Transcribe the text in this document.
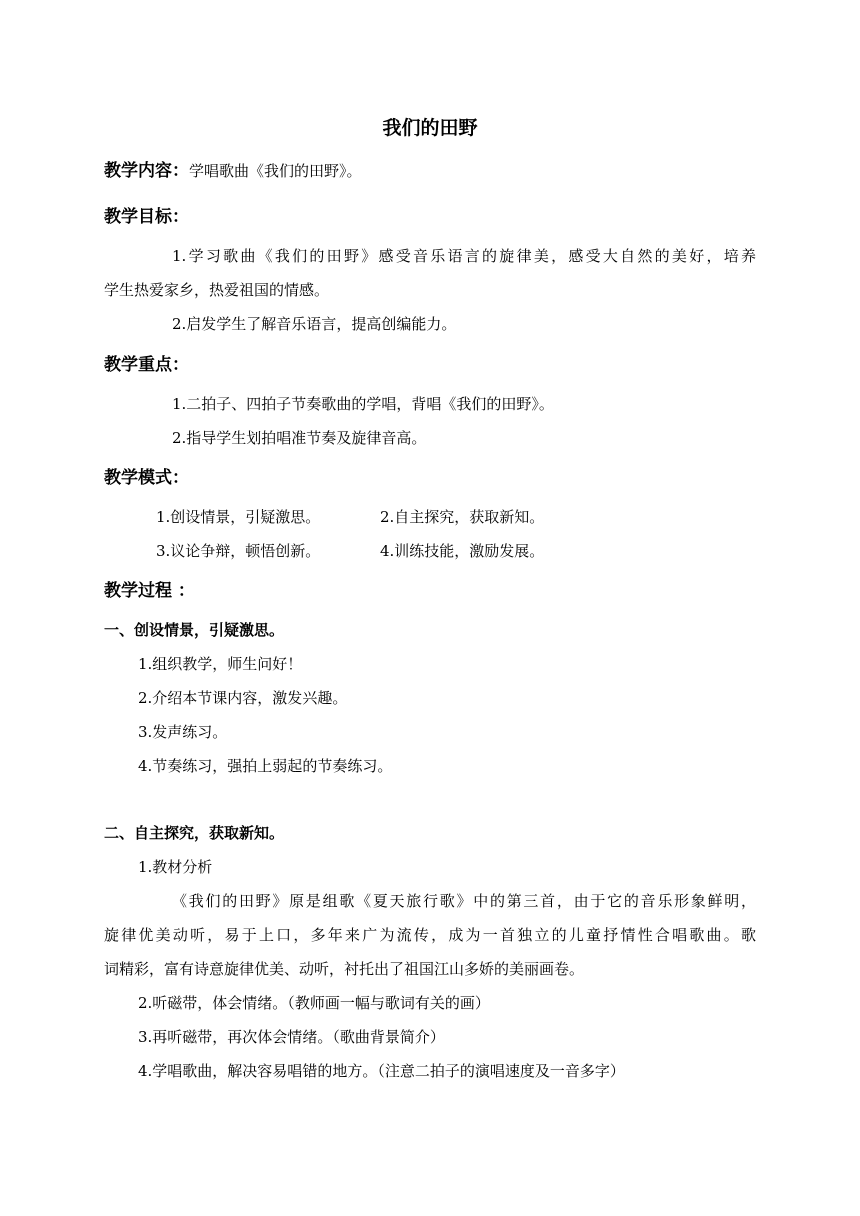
我们的田野

教学内容：学唱歌曲《我们的田野》。

教学目标：

1.学习歌曲《我们的田野》感受音乐语言的旋律美，感受大自然的美好，培养

学生热爱家乡，热爱祖国的情感。

2.启发学生了解音乐语言，提高创编能力。

教学重点：

1.二拍子、四拍子节奏歌曲的学唱，背唱《我们的田野》。

2.指导学生划拍唱准节奏及旋律音高。

教学模式：

1.创设情景，引疑激思。	2.自主探究，获取新知。

3.议论争辩，顿悟创新。	4.训练技能，激励发展。

教学过程 ：

一、创设情景，引疑激思。

1.组织教学，师生问好！

2.介绍本节课内容，激发兴趣。

3.发声练习。

4.节奏练习，强拍上弱起的节奏练习。

二、自主探究，获取新知。

1.教材分析

《我们的田野》原是组歌《夏天旅行歌》中的第三首，由于它的音乐形象鲜明，

旋律优美动听，易于上口，多年来广为流传，成为一首独立的儿童抒情性合唱歌曲。歌

词精彩，富有诗意旋律优美、动听，衬托出了祖国江山多娇的美丽画卷。

2.听磁带，体会情绪。（教师画一幅与歌词有关的画）

3.再听磁带，再次体会情绪。（歌曲背景简介）

4.学唱歌曲，解决容易唱错的地方。（注意二拍子的演唱速度及一音多字）
